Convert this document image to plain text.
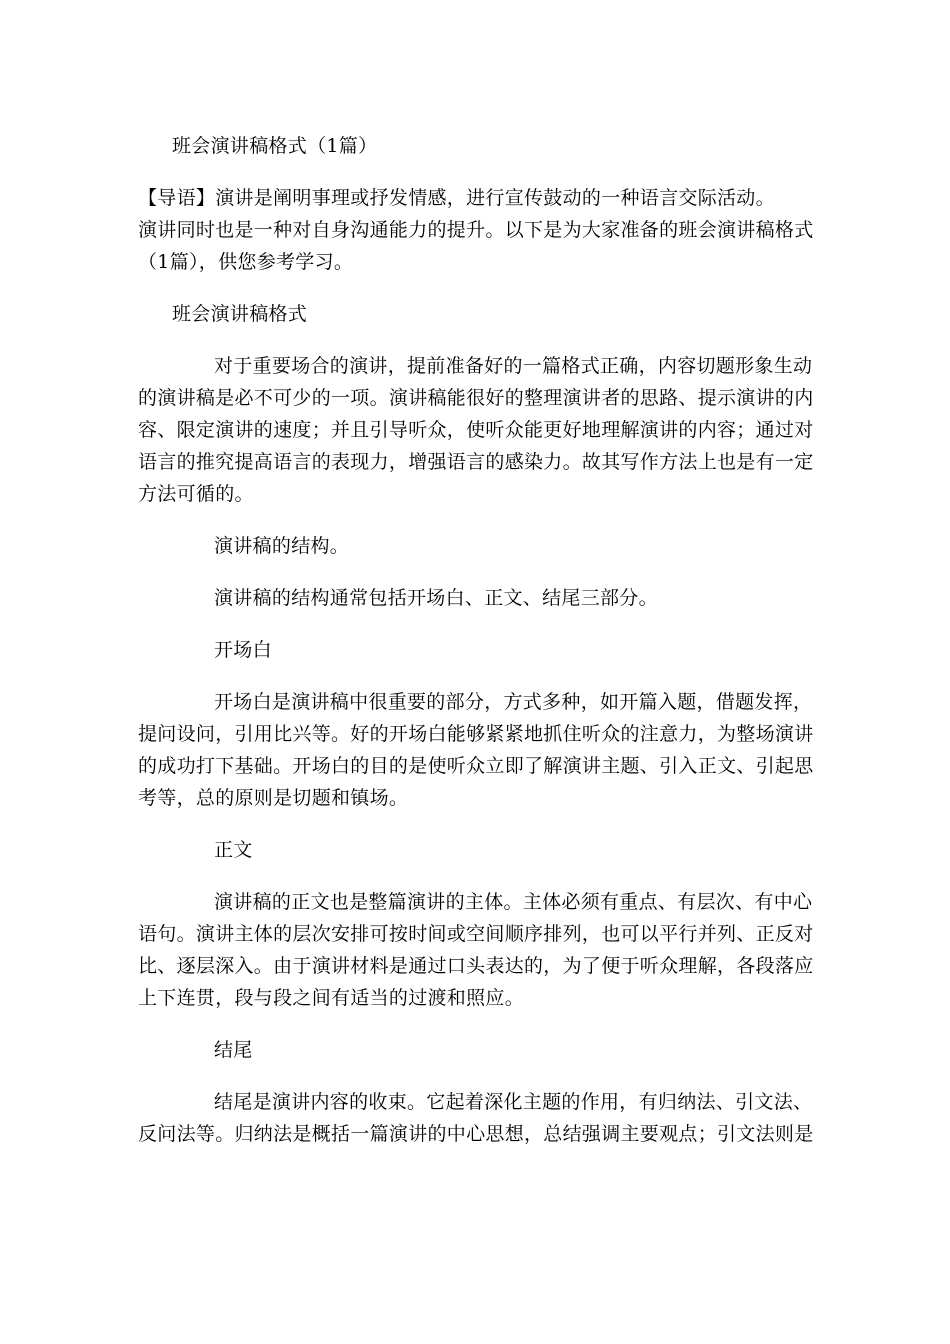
班会演讲稿格式（1篇）
【导语】演讲是阐明事理或抒发情感，进行宣传鼓动的一种语言交际活动。
演讲同时也是一种对自身沟通能力的提升。以下是为大家准备的班会演讲稿格式
（1篇），供您参考学习。
班会演讲稿格式
对于重要场合的演讲，提前准备好的一篇格式正确，内容切题形象生动
的演讲稿是必不可少的一项。演讲稿能很好的整理演讲者的思路、提示演讲的内
容、限定演讲的速度；并且引导听众，使听众能更好地理解演讲的内容；通过对
语言的推究提高语言的表现力，增强语言的感染力。故其写作方法上也是有一定
方法可循的。
演讲稿的结构。
演讲稿的结构通常包括开场白、正文、结尾三部分。
开场白
开场白是演讲稿中很重要的部分，方式多种，如开篇入题，借题发挥，
提问设问，引用比兴等。好的开场白能够紧紧地抓住听众的注意力，为整场演讲
的成功打下基础。开场白的目的是使听众立即了解演讲主题、引入正文、引起思
考等，总的原则是切题和镇场。
正文
演讲稿的正文也是整篇演讲的主体。主体必须有重点、有层次、有中心
语句。演讲主体的层次安排可按时间或空间顺序排列，也可以平行并列、正反对
比、逐层深入。由于演讲材料是通过口头表达的，为了便于听众理解，各段落应
上下连贯，段与段之间有适当的过渡和照应。
结尾
结尾是演讲内容的收束。它起着深化主题的作用，有归纳法、引文法、
反问法等。归纳法是概括一篇演讲的中心思想，总结强调主要观点；引文法则是
